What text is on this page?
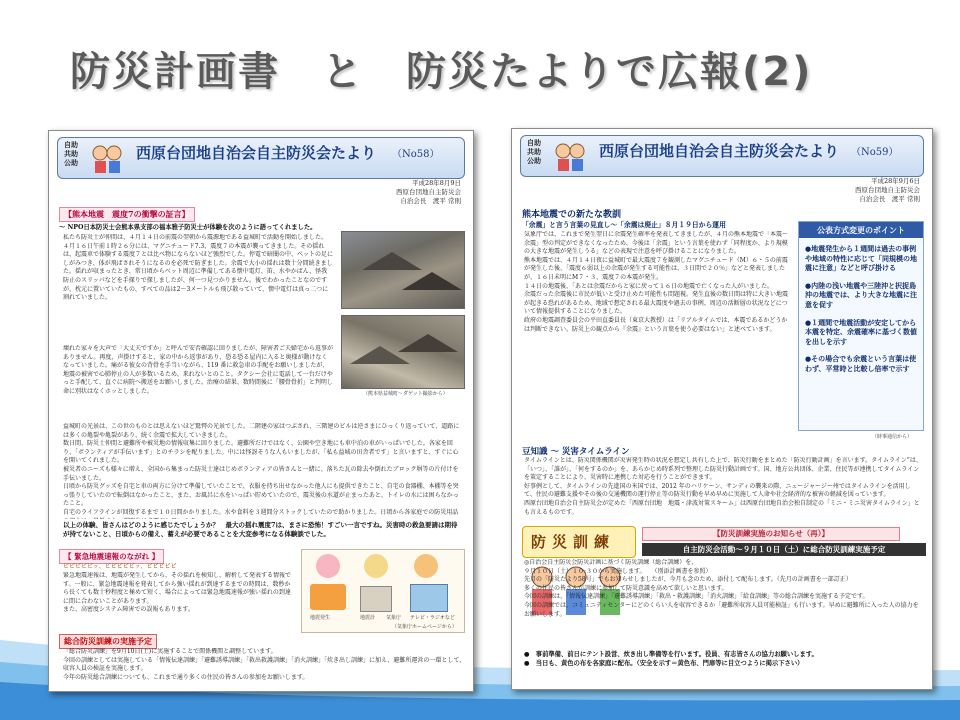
防災計画書　と　防災たよりで広報(2)
自助
共助
公助
西原台団地自治会自主防災会たより （No58）
平成28年8月9日
西原台団地自主防災会
自治会長　渡平 常則
【熊本地震　震度7の衝撃の証言】
～ NPO日本防災士会熊本県支部の福本雅子防災士が体験を次のように語ってくれました。
私たち防災士が仲間は、４月１４日の前震の翌朝から震源地である益城町で活動を開始しました。
４月１６日午前１時２６分には、マグニチュード7.3、震度７の本震が襲ってきました。その揺れは、起震車で体験する震度７とは比べ物にならないほど強烈でした。停電で暗闇の中、ベットの足にしがみつき、体が飛ばされそうになるのを必死で防ぎました。余震で大小の揺れは数十分間続きました。揺れが収まったとき、常日頃からベット周辺に準備してある懐中電灯、笛、水やかばん、怪我防止のスリッパなどを手探りで探しましたが、何一つ見つかりません。後でわかったことなのですが、枕元に置いていたもの、すべての品は2～3メートルも飛び散っていて、懐中電灯は真っ二つに割れていました。
壊れた家々を大声で「大丈夫ですか」と呼んで安否確認に回りましたが、障害者ご夫婦宅から返事がありません。再度、声掛けすると、家の中から返事があり、恐る恐る屋内に入ると奥様が動けなくなっていました。痛がる彼女の背骨を手当いながら、119 番に救急車の手配をお願いしましたが、地震の被害で心肺停止の人が多数いるため、来れないとのこと。タクシー会社に電話して一台だけやっと手配して、直ぐに病院へ搬送をお願いしました。治療の結果、数時間後に「腰骨骨折」と判明し命に別状はなくホッとしました。
益城町の光景は、この世のものとは思えないほど驚愕の光景でした。二階建の家はつぶされ、三階建のビルは逆さまにひっくり返っていて、道路には多くの亀裂や亀裂があり、続く余震で拡大していきました。
数日間、防災士仲間と避難所や被災地の情報収集に回りました。避難所だけではなく、公園や空き地にも車中泊の車がいっぱいでした。各家を回り、「ボランティアが手伝います」とのチラシを配りました。中には怪訝そうな人もいましたが、「私も益城の田舎者です」と言いますと、すぐに心を開いてくれました。
被災者のニーズも様々に増え、全国から集まった防災士達はじめボランティアの皆さんと一緒に、落ちた瓦の除去や倒れたブロック塀等の片付けを手伝いました。
日頃から防災グッズを自宅と車の両方に分けて準備していたことで、衣服を持ち出せなかった他人にも提供できたこと、自宅の食器棚、本棚等を突っ張りしていたので転倒はなかったこと、また、お風呂に水をいっぱい貯めていたので、震災後の水道が止まったあと、トイレの水には困らなかったこと。
自宅のライフラインが回復するまで１０日間かかりました。水や食料を３週間分ストックしていたので助かりました。日頃から各家庭での防災用品
（熊本県益城町～ダゲット撮影から）
以上の体験、皆さんはどのように感じたでしょうか？　最大の揺れ震度7は、まさに恐怖！すごい一言ですね。災害時の救急要請は期待が持てないこと、日頃からの備え、蓄えが必要であることを大変参考になる体験談でした。
【 緊急地震速報のながれ 】
ピピピピピッ、ピピピピピッ、ピピピピピ
緊急地震速報は、地震が発生してから、その揺れを検知し、解析して発表する情報です。一般に、緊急地震速報を発表してから強い揺れが到達するまでの時間は、数秒から長くても数十秒程度と極めて短く、場合によっては緊急地震速報が強い揺れの到達に間に合わないことがあります。
また、高密度システム障害での誤報もあります。
地震発生	地震計 気象庁 テレビ・ラジオなど
（気象庁ホームページから）
総合防災訓練の実施予定
「総合防災訓練」を9月10日(土)に実施することで関係機関と調整しています。
今回の訓練としては実施している「情報伝達訓練」「避難誘導訓練」「救出救護訓練」「消火訓練」「炊き出し訓練」に加え、避難所運営の一環として、収容人員の検証を実施します。
今年の防災総合訓練についても、これまで通り多くの住民の皆さんの参加をお願いします。
自助
共助
公助
西原台団地自治会自主防災会たより （No59）
平成28年9月6日
西原台団地自主防災会
自治会長　渡平 常則
熊本地震での新たな教訓
「余震」と言う言葉の見直し～「余震は廃止」８月１９日から運用
気象庁では、これまで発生翌日に余震発生確率を発表してきましたが、４月の熊本地震で「本震～余震」型の判定ができなくなったため、今後は「余震」という言葉を使わず「同程度か、より規模の大きな地震が発生しうる」などの表現で注意を呼び掛けることになりました。
熊本地震では、４月１４日夜に益城町で最大震度７を観測したマグニチュード（M）６・５の前震が発生した後、「震度６弱以上の余震が発生する可能性は、３日間で２０％」などと発表しましたが、１６日未明にM７・３、震度７の本震が発生。
１４日の地震後、「あとは余震だからと家に戻って１６日の地震で亡くなった人がいました。
余震だった余震後に市民が低いと受け止めた可能性も問題視。発生直後の数日間は特に大きい地震が起きる恐れがあるため、地域で想定される最大震度や過去の事例、周辺の活断層の状況などについて情報提供することになりました。
政府の地震調査委員会の平田直委員長（東京大教授）は「リアルタイムでは、本震であるかどうかは判断できない。防災上の観点から『余震』という言葉を使う必要はない」と述べています。
（時事通信から）
公表方式変更のポイント
●地震発生から１週間は過去の事例や地域の特性に応じて「同規模の地震に注意」などと呼び掛ける
●内陸の浅い地震や三陸沖と択捉島沖の地震では、より大きな地震に注意を促す
●１週間で地震活動が安定してから本震を特定、余震確率に基づく数値を出しを示す
●その場合でも余震という言葉は使わず、平常時と比較し倍率で示す
豆知識 ～ 災害タイムライン
タイムラインとは、防災関係機関が災害発生時の状況を想定し共有した上で、防災行動をまとめた「防災行動計画」を言います。タイムライン”は、「いつ」、「誰が」、「何をするのか」を、あらかじめ時系列で整理した防災行動計画です。国、地方公共団体、企業、住民等が連携してタイムラインを策定することにより、災害時に連携した対応を行うことができます。
好事例として、タイムラインの先進国の米国では、2012 年のハリケーン、サンディの襲来の際、ニュージャージー州ではタイムラインを活用して、住民の避難支援やその後の交通機関の運行停止等の防災行動を早め早めに実施して人命や社会経済的な被害の軽減を図っています。
西原台団地自治会自主防災会が定めた「西原台団地　地震・津波対策スキーム」は西原台団地自治会独自制定の「ミニ・ミニ災害タイムライン」とも言えるものです。
【防災訓練実施のお知らせ（再）】
防災訓練	自主防災会活動～９月１０日（土）に総合防災訓練実施予定
◎自治会自主防災会防災計画に基づく防災訓練（総合訓練）を、
９月１０日（土）１０:３０から実施します。　　（別添計画書を参照）
先月の「防災たより58号」でもお知らせしましたが、今月も念のため、添付して配布します。（先月の計画書を一部訂正）
多くの住民の皆さんが訓練に参加して防災意識を高めて欲しいと思います。
今回の訓練は、「情報伝達訓練」「避難誘導訓練」「救出・救護訓練」「消火訓練」「給食訓練」等の総合訓練を実施する予定です。
今回の訓練では、コミュニティセンターにどのくらい人を収容できるか「避難所収容人員可能検証」も行います。早めに避難所に入った人の協力をお願いします。
●　事前準備、前日にテント設営、炊き出し準備等を行います。役員、有志皆さんの協力お願いします。
●　当日も、黄色の布を各家庭に配布。（安全を示す＝黄色布、門扉等に目立つように掲示下さい）
